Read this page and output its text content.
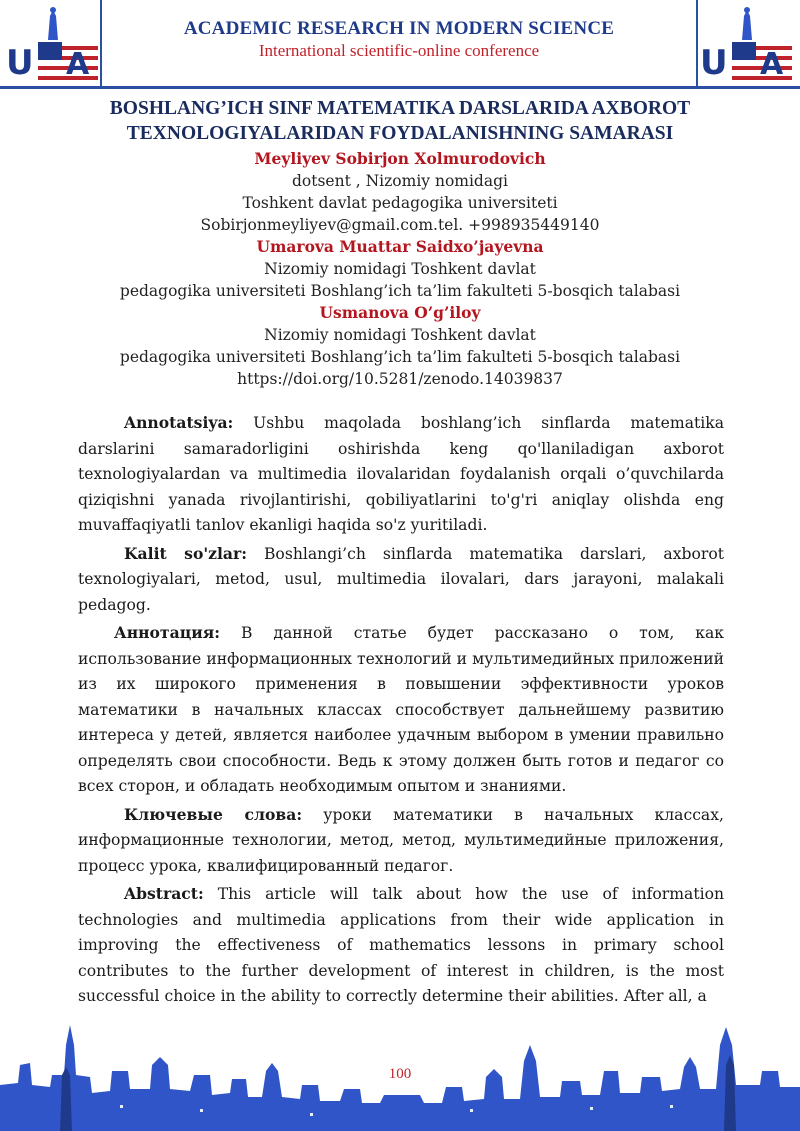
U A
ACADEMIC RESEARCH IN MODERN SCIENCE
International scientific-online conference	U A
BOSHLANG’ICH SINF MATEMATIKA DARSLARIDA AXBOROT
TEXNOLOGIYALARIDAN FOYDALANISHNING SAMARASI
Meyliyev Sobirjon Xolmurodovich
dotsent , Nizomiy nomidagi
Toshkent davlat pedagogika universiteti
Sobirjonmeyliyev@gmail.com.tel. +998935449140
Umarova Muattar Saidxo’jayevna
Nizomiy nomidagi Toshkent davlat
pedagogika universiteti Boshlang’ich ta’lim fakulteti 5-bosqich talabasi
Usmanova O’g’iloy
Nizomiy nomidagi Toshkent davlat
pedagogika universiteti Boshlang’ich ta’lim fakulteti 5-bosqich talabasi
https://doi.org/10.5281/zenodo.14039837

Annotatsiya: Ushbu maqolada boshlang’ich sinflarda matematika darslarini samaradorligini oshirishda keng qo'llaniladigan axborot texnologiyalardan va multimedia ilovalaridan foydalanish orqali o’quvchilarda qiziqishni yanada rivojlantirishi, qobiliyatlarini to'g'ri aniqlay olishda eng muvaffaqiyatli tanlov ekanligi haqida so'z yuritiladi.

Kalit so'zlar: Boshlangi’ch sinflarda matematika darslari, axborot texnologiyalari, metod, usul, multimedia ilovalari, dars jarayoni, malakali pedagog.

Аннотация: В данной статье будет рассказано о том, как использование информационных технологий и мультимедийных приложений из их широкого применения в повышении эффективности уроков математики в начальных классах способствует дальнейшему развитию интереса у детей, является наиболее удачным выбором в умении правильно определять свои способности. Ведь к этому должен быть готов и педагог со всех сторон, и обладать необходимым опытом и знаниями.

Ключевые слова: уроки математики в начальных классах, информационные технологии, метод, метод, мультимедийные приложения, процесс урока, квалифицированный педагог.

Abstract: This article will talk about how the use of information technologies and multimedia applications from their wide application in improving the effectiveness of mathematics lessons in primary school contributes to the further development of interest in children, is the most successful choice in the ability to correctly determine their abilities. After all, a

100
